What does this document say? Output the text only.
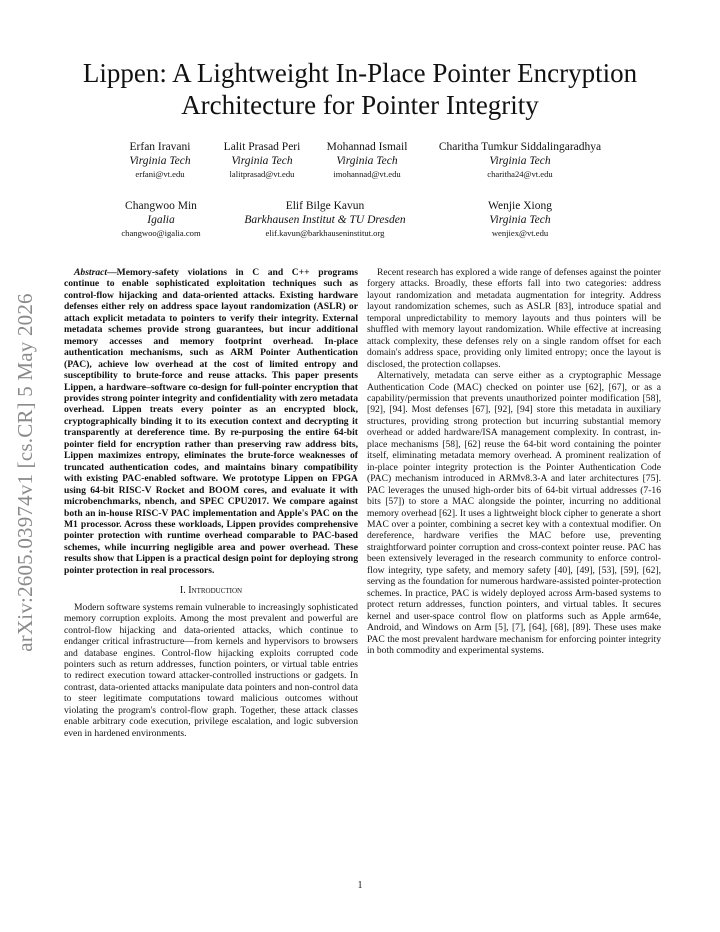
arXiv:2605.03974v1 [cs.CR] 5 May 2026
Lippen: A Lightweight In-Place Pointer Encryption Architecture for Pointer Integrity
Erfan Iravani
Virginia Tech
erfani@vt.edu
Lalit Prasad Peri
Virginia Tech
lalitprasad@vt.edu
Mohannad Ismail
Virginia Tech
imohannad@vt.edu
Charitha Tumkur Siddalingaradhya
Virginia Tech
charitha24@vt.edu
Changwoo Min
Igalia
changwoo@igalia.com
Elif Bilge Kavun
Barkhausen Institut & TU Dresden
elif.kavun@barkhauseninstitut.org
Wenjie Xiong
Virginia Tech
wenjiex@vt.edu

Abstract—Memory-safety violations in C and C++ programs continue to enable sophisticated exploitation techniques such as control-flow hijacking and data-oriented attacks. Existing hardware defenses either rely on address space layout randomization (ASLR) or attach explicit metadata to pointers to verify their integrity. External metadata schemes provide strong guarantees, but incur additional memory accesses and memory footprint overhead. In-place authentication mechanisms, such as ARM Pointer Authentication (PAC), achieve low overhead at the cost of limited entropy and susceptibility to brute-force and reuse attacks. This paper presents Lippen, a hardware–software co-design for full-pointer encryption that provides strong pointer integrity and confidentiality with zero metadata overhead. Lippen treats every pointer as an encrypted block, cryptographically binding it to its execution context and decrypting it transparently at dereference time. By re-purposing the entire 64-bit pointer field for encryption rather than preserving raw address bits, Lippen maximizes entropy, eliminates the brute-force weaknesses of truncated authentication codes, and maintains binary compatibility with existing PAC-enabled software. We prototype Lippen on FPGA using 64-bit RISC-V Rocket and BOOM cores, and evaluate it with microbenchmarks, nbench, and SPEC CPU2017. We compare against both an in-house RISC-V PAC implementation and Apple's PAC on the M1 processor. Across these workloads, Lippen provides comprehensive pointer protection with runtime overhead comparable to PAC-based schemes, while incurring negligible area and power overhead. These results show that Lippen is a practical design point for deploying strong pointer protection in real processors.

I. Introduction

Modern software systems remain vulnerable to increasingly sophisticated memory corruption exploits. Among the most prevalent and powerful are control-flow hijacking and data-oriented attacks, which continue to endanger critical infrastructure—from kernels and hypervisors to browsers and database engines. Control-flow hijacking exploits corrupted code pointers such as return addresses, function pointers, or virtual table entries to redirect execution toward attacker-controlled instructions or gadgets. In contrast, data-oriented attacks manipulate data pointers and non-control data to steer legitimate computations toward malicious outcomes without violating the program's control-flow graph. Together, these attack classes enable arbitrary code execution, privilege escalation, and logic subversion even in hardened environments.

Recent research has explored a wide range of defenses against the pointer forgery attacks. Broadly, these efforts fall into two categories: address layout randomization and metadata augmentation for integrity. Address layout randomization schemes, such as ASLR [83], introduce spatial and temporal unpredictability to memory layouts and thus pointers will be shuffled with memory layout randomization. While effective at increasing attack complexity, these defenses rely on a single random offset for each domain's address space, providing only limited entropy; once the layout is disclosed, the protection collapses.

Alternatively, metadata can serve either as a cryptographic Message Authentication Code (MAC) checked on pointer use [62], [67], or as a capability/permission that prevents unauthorized pointer modification [58], [92], [94]. Most defenses [67], [92], [94] store this metadata in auxiliary structures, providing strong protection but incurring substantial memory overhead or added hardware/ISA management complexity. In contrast, in-place mechanisms [58], [62] reuse the 64-bit word containing the pointer itself, eliminating metadata memory overhead. A prominent realization of in-place pointer integrity protection is the Pointer Authentication Code (PAC) mechanism introduced in ARMv8.3-A and later architectures [75]. PAC leverages the unused high-order bits of 64-bit virtual addresses (7-16 bits [57]) to store a MAC alongside the pointer, incurring no additional memory overhead [62]. It uses a lightweight block cipher to generate a short MAC over a pointer, combining a secret key with a contextual modifier. On dereference, hardware verifies the MAC before use, preventing straightforward pointer corruption and cross-context pointer reuse. PAC has been extensively leveraged in the research community to enforce control-flow integrity, type safety, and memory safety [40], [49], [53], [59], [62], serving as the foundation for numerous hardware-assisted pointer-protection schemes. In practice, PAC is widely deployed across Arm-based systems to protect return addresses, function pointers, and virtual tables. It secures kernel and user-space control flow on platforms such as Apple arm64e, Android, and Windows on Arm [5], [7], [64], [68], [89]. These uses make PAC the most prevalent hardware mechanism for enforcing pointer integrity in both commodity and experimental systems.

1
